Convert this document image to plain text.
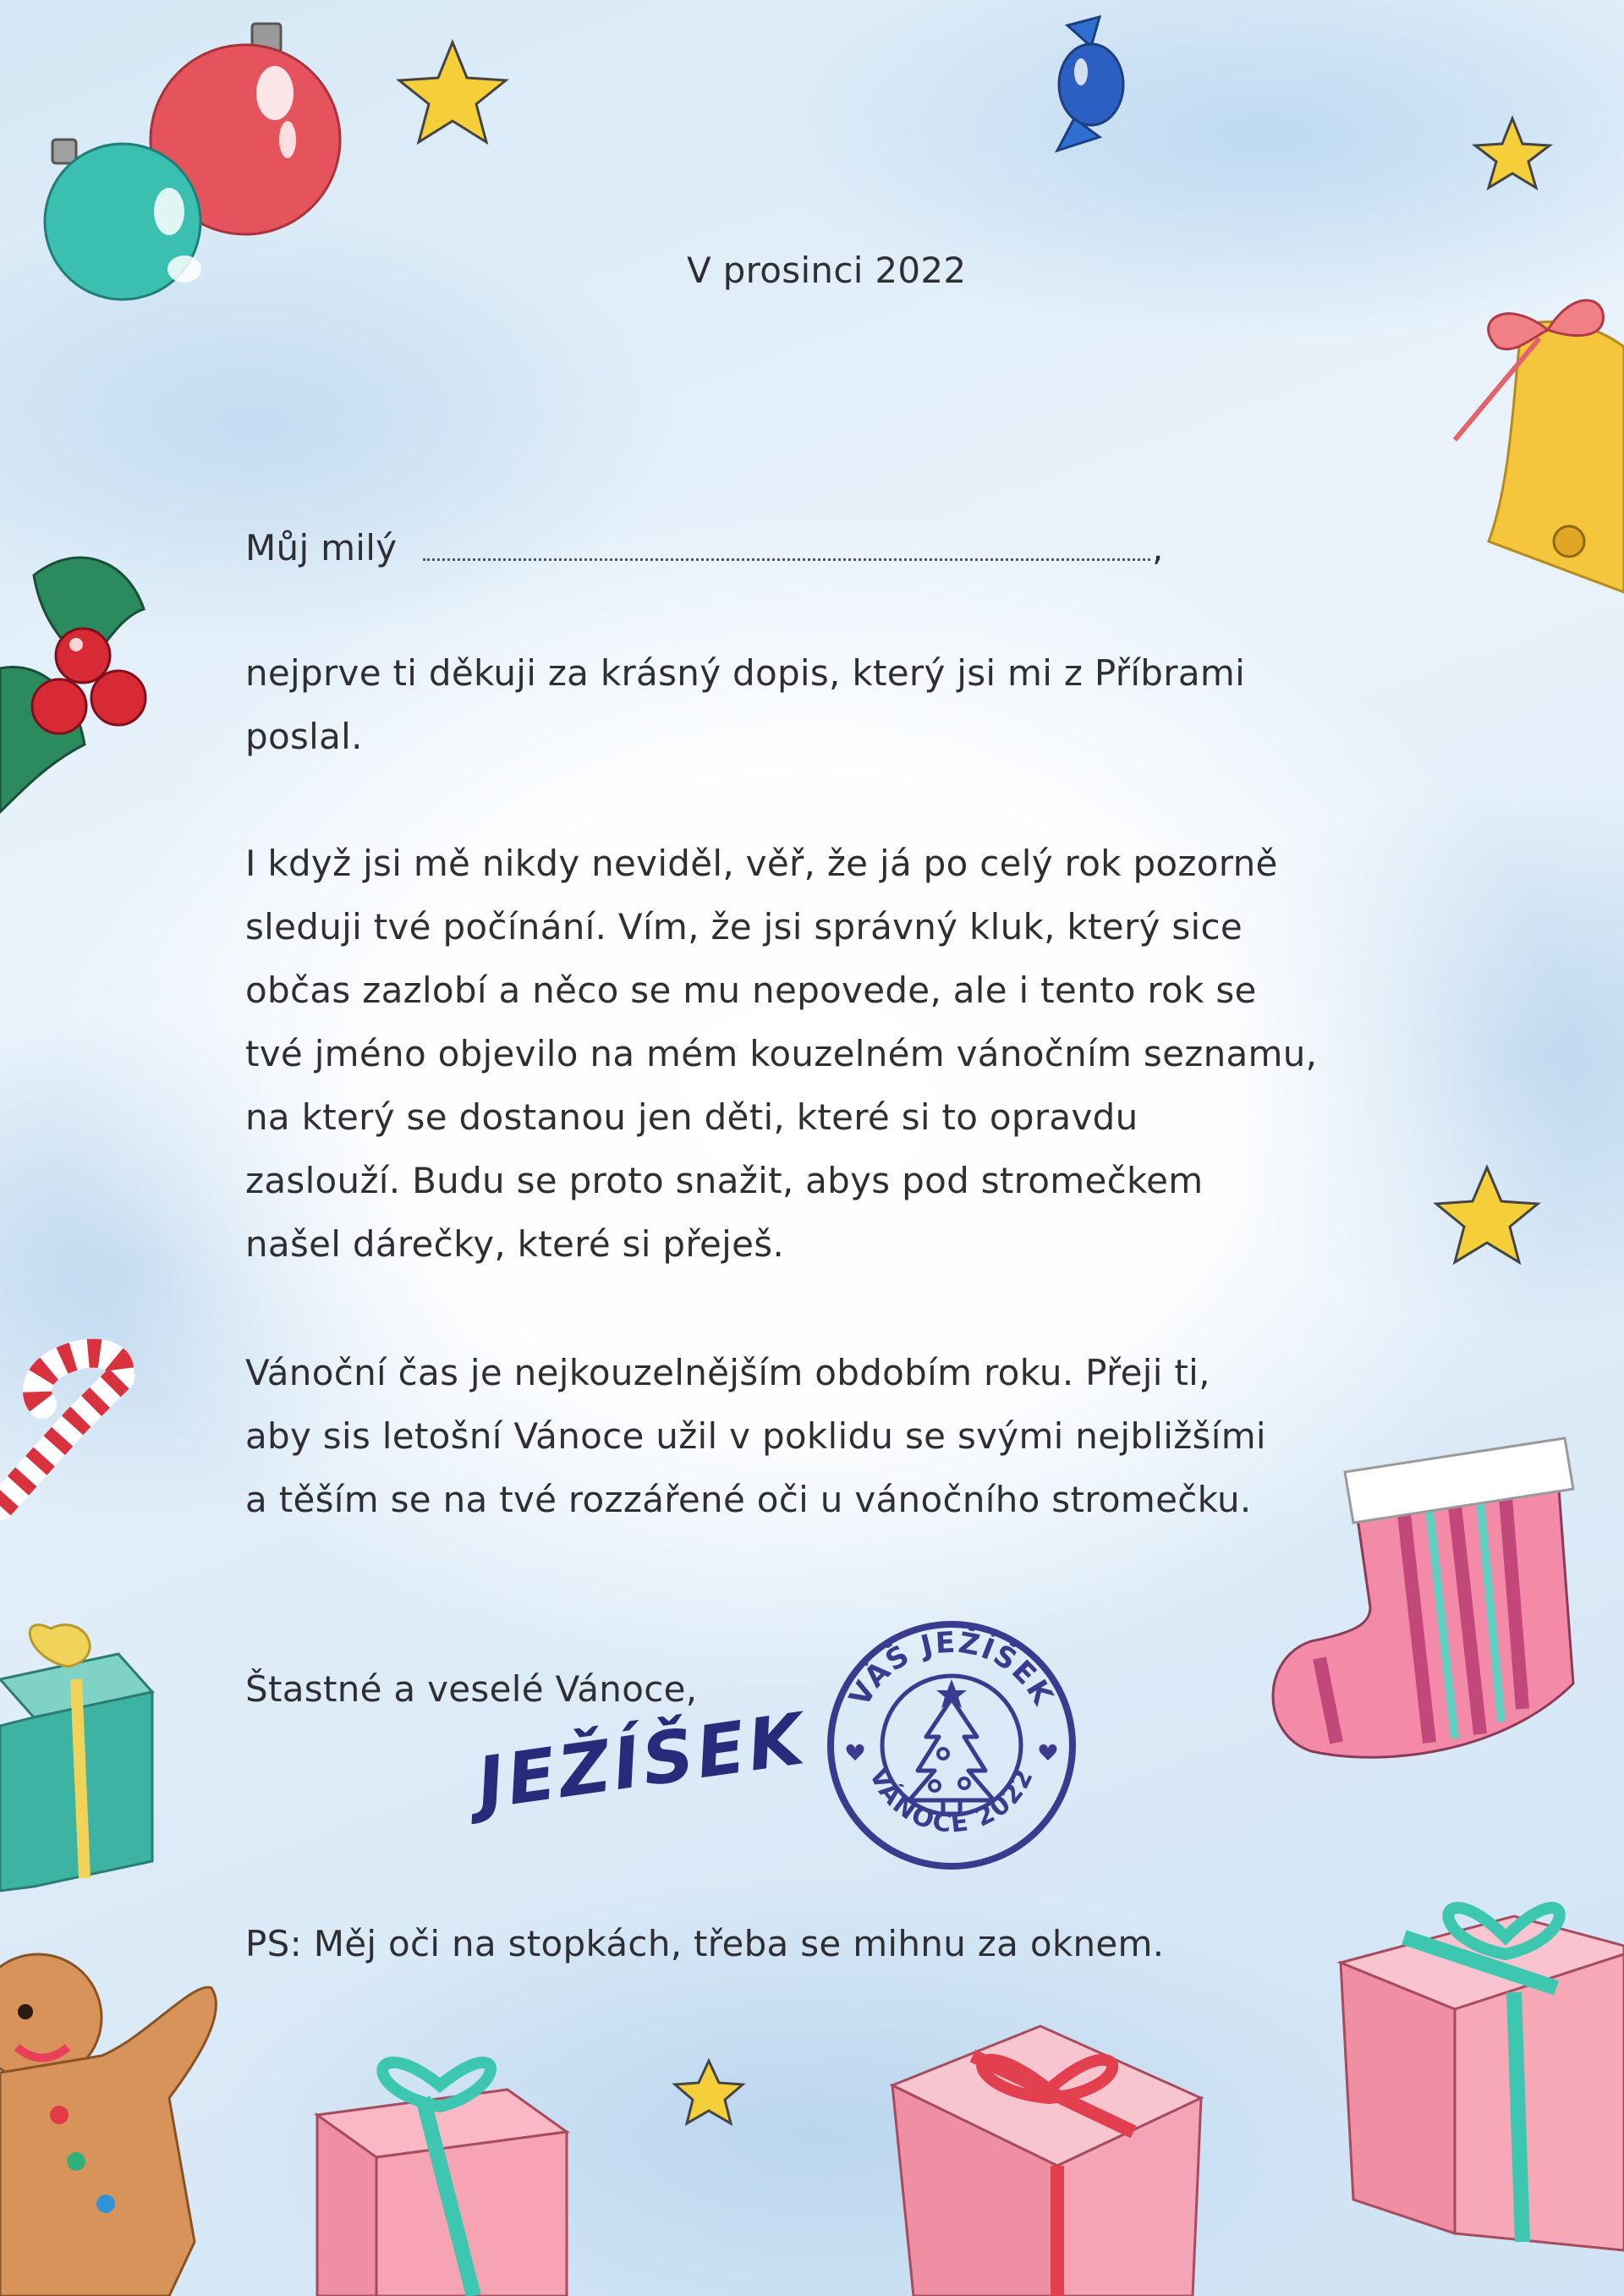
V prosinci 2022

Můj milý	,

nejprve ti děkuji za krásný dopis, který jsi mi z Příbrami
poslal.
I když jsi mě nikdy neviděl, věř, že já po celý rok pozorně
sleduji tvé počínání. Vím, že jsi správný kluk, který sice
občas zazlobí a něco se mu nepovede, ale i tento rok se
tvé jméno objevilo na mém kouzelném vánočním seznamu,
na který se dostanou jen děti, které si to opravdu
zaslouží. Budu se proto snažit, abys pod stromečkem
našel dárečky, které si přeješ.
Vánoční čas je nejkouzelnějším obdobím roku. Přeji ti,
aby sis letošní Vánoce užil v poklidu se svými nejbližšími
a těším se na tvé rozzářené oči u vánočního stromečku.

Štastné a veselé Vánoce,

JEŽÍŠEK
VÁŠ JEŽÍŠEK
VÁNOCE 2022

PS: Měj oči na stopkách, třeba se mihnu za oknem.
